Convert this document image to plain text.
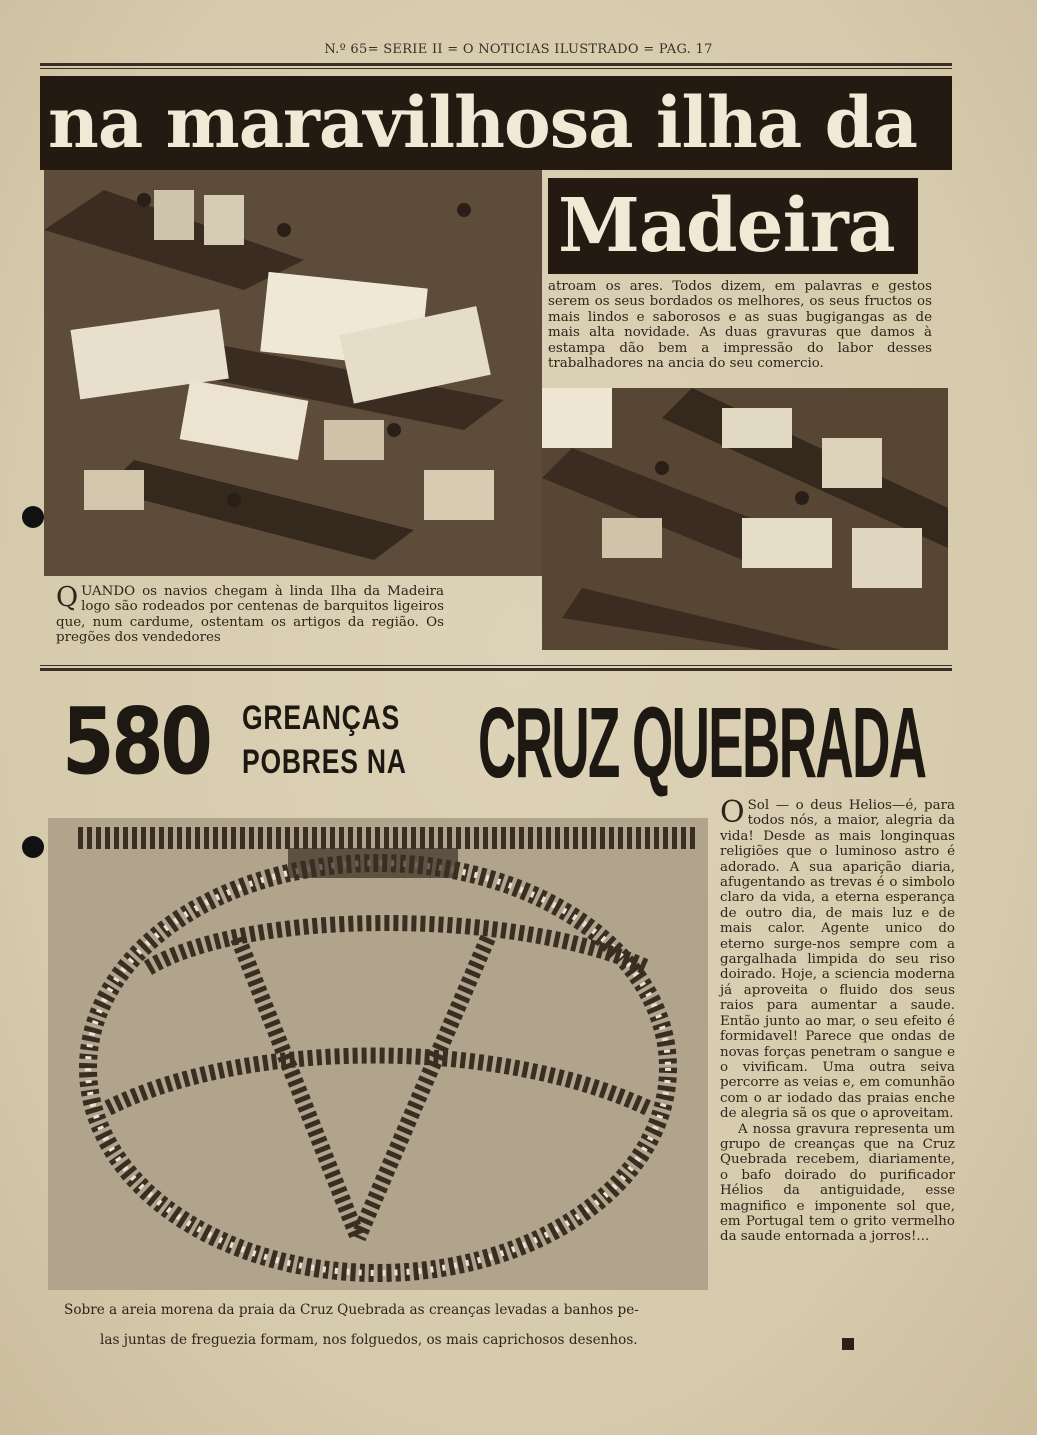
N.º 65= SERIE II = O NOTICIAS ILUSTRADO = PAG. 17
na maravilhosa ilha da
Madeira
atroam os ares. Todos dizem, em palavras e gestos serem os seus bordados os melhores, os seus fructos os mais lindos e saborosos e as suas bugigangas as de mais alta novidade. As duas gravuras que damos à estampa dão bem a impressão do labor desses trabalhadores na ancia do seu comercio.
Q UANDO os navios chegam à linda Ilha da Madeira logo são rodeados por centenas de barquitos ligeiros que, num cardume, ostentam os artigos da região. Os pregões dos vendedores
580 GREANÇAS
POBRES NA CRUZ QUEBRADA
O Sol — o deus Helios—é, para todos nós, a maior, alegria da vida! Desde as mais longinquas religiões que o luminoso astro é adorado. A sua aparição diaria, afugentando as trevas é o simbolo claro da vida, a eterna esperança de outro dia, de mais luz e de mais calor. Agente unico do eterno surge-nos sempre com a gargalhada limpida do seu riso doirado. Hoje, a sciencia moderna já aproveita o fluido dos seus raios para aumentar a saude. Então junto ao mar, o seu efeito é formidavel! Parece que ondas de novas forças penetram o sangue e o vivificam. Uma outra seiva percorre as veias e, em comunhão com o ar iodado das praias enche de alegria sã os que o aproveitam.
A nossa gravura representa um grupo de creanças que na Cruz Quebrada recebem, diariamente, o bafo doirado do purificador Hélios da antiguidade, esse magnifico e imponente sol que, em Portugal tem o grito vermelho da saude entornada a jorros!...
Sobre a areia morena da praia da Cruz Quebrada as creanças levadas a banhos pe-
las juntas de freguezia formam, nos folguedos, os mais caprichosos desenhos.
